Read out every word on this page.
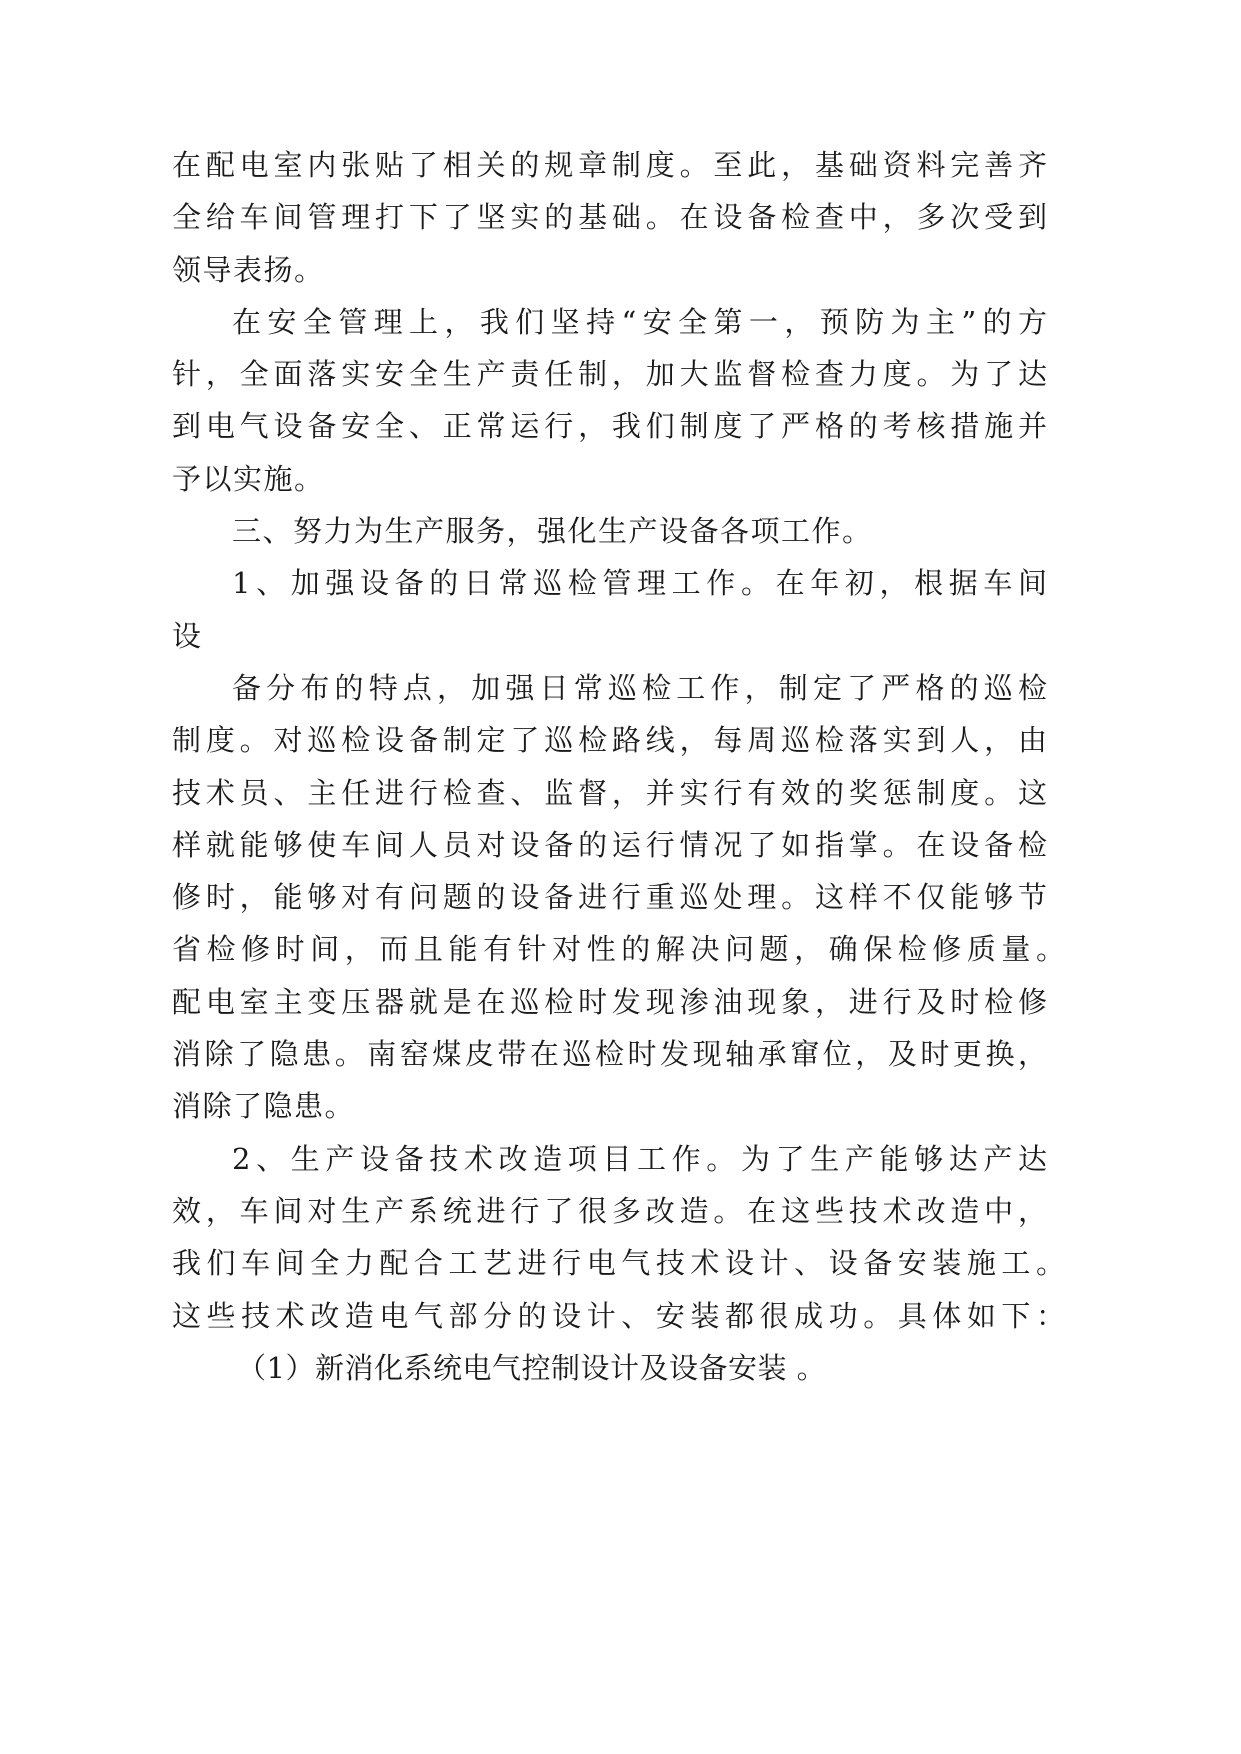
在配电室内张贴了相关的规章制度。至此，基础资料完善齐
全给车间管理打下了坚实的基础。在设备检查中，多次受到
领导表扬。
在安全管理上，我们坚持“安全第一，预防为主”的方
针，全面落实安全生产责任制，加大监督检查力度。为了达
到电气设备安全、正常运行，我们制度了严格的考核措施并
予以实施。
三、努力为生产服务，强化生产设备各项工作。
1、加强设备的日常巡检管理工作。在年初，根据车间
设
备分布的特点，加强日常巡检工作，制定了严格的巡检
制度。对巡检设备制定了巡检路线，每周巡检落实到人，由
技术员、主任进行检查、监督，并实行有效的奖惩制度。这
样就能够使车间人员对设备的运行情况了如指掌。在设备检
修时，能够对有问题的设备进行重巡处理。这样不仅能够节
省检修时间，而且能有针对性的解决问题，确保检修质量。
配电室主变压器就是在巡检时发现渗油现象，进行及时检修
消除了隐患。南窑煤皮带在巡检时发现轴承窜位，及时更换，
消除了隐患。
2、生产设备技术改造项目工作。为了生产能够达产达
效，车间对生产系统进行了很多改造。在这些技术改造中，
我们车间全力配合工艺进行电气技术设计、设备安装施工。
这些技术改造电气部分的设计、安装都很成功。具体如下：
（1）新消化系统电气控制设计及设备安装 。
